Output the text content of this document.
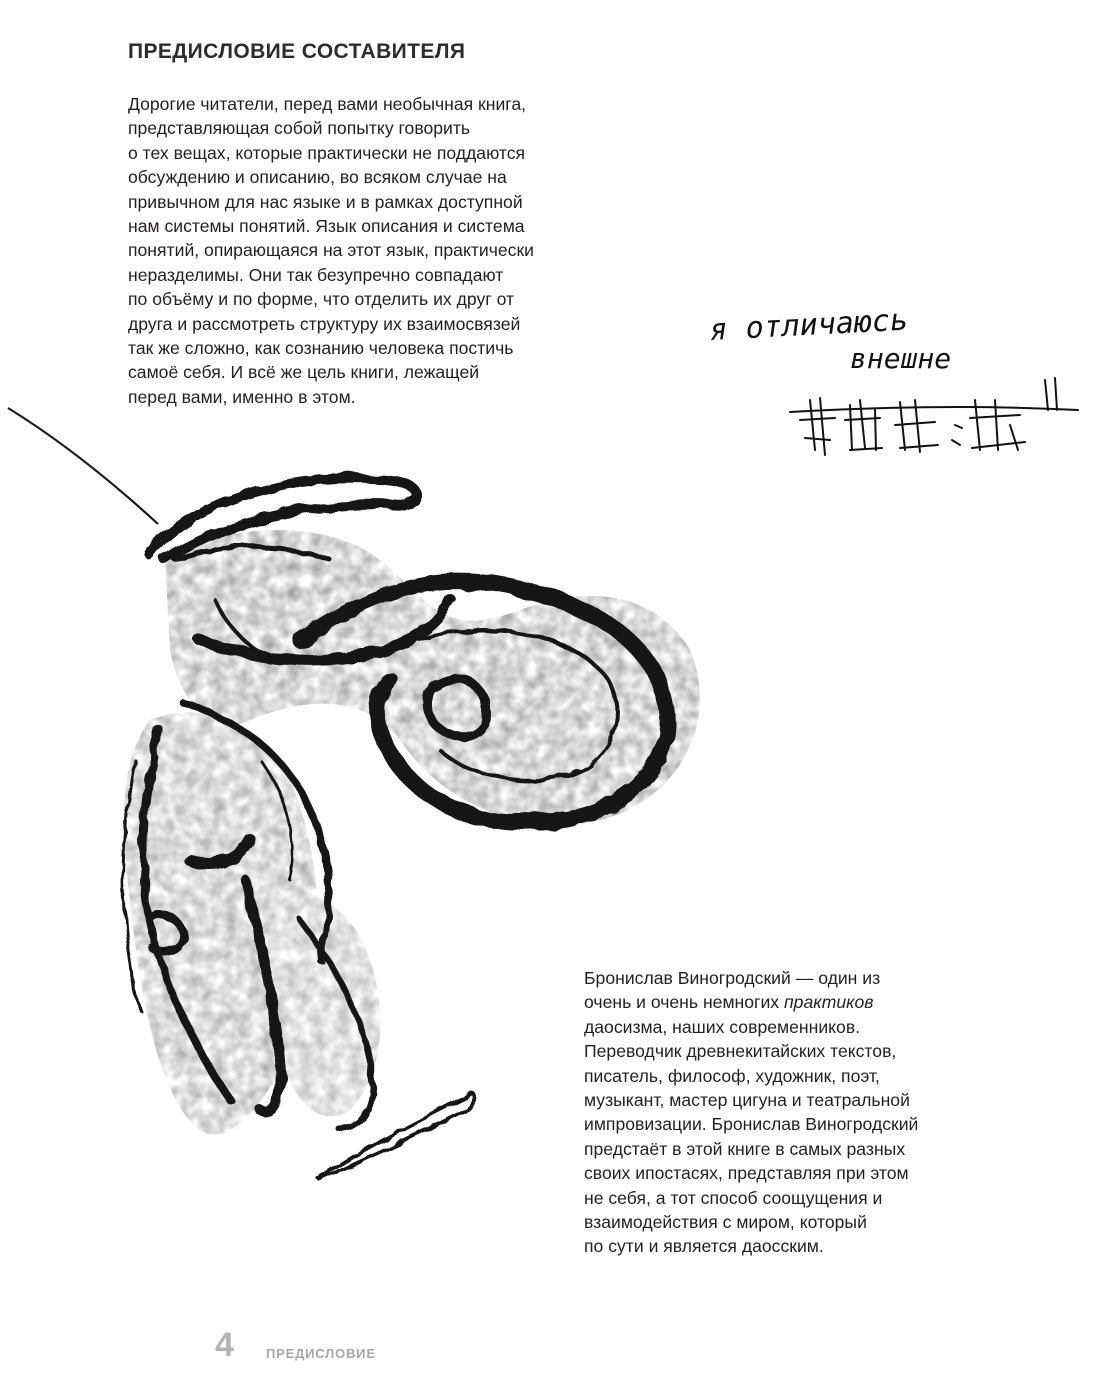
ПРЕДИСЛОВИЕ СОСТАВИТЕЛЯ
Дорогие читатели, перед вами необычная книга,
представляющая собой попытку говорить
о тех вещах, которые практически не поддаются
обсуждению и описанию, во всяком случае на
привычном для нас языке и в рамках доступной
нам системы понятий. Язык описания и система
понятий, опирающаяся на этот язык, практически
неразделимы. Они так безупречно совпадают
по объёму и по форме, что отделить их друг от
друга и рассмотреть структуру их взаимосвязей
так же сложно, как сознанию человека постичь
самоё себя. И всё же цель книги, лежащей
перед вами, именно в этом.
я отличаюсь
внешне
Бронислав Виногродский — один из
очень и очень немногих практиков
даосизма, наших современников.
Переводчик древнекитайских текстов,
писатель, философ, художник, поэт,
музыкант, мастер цигуна и театральной
импровизации. Бронислав Виногродский
предстаёт в этой книге в самых разных
своих ипостасях, представляя при этом
не себя, а тот способ соощущения и
взаимодействия с миром, который
по сути и является даосским.
4 ПРЕДИСЛОВИЕ
